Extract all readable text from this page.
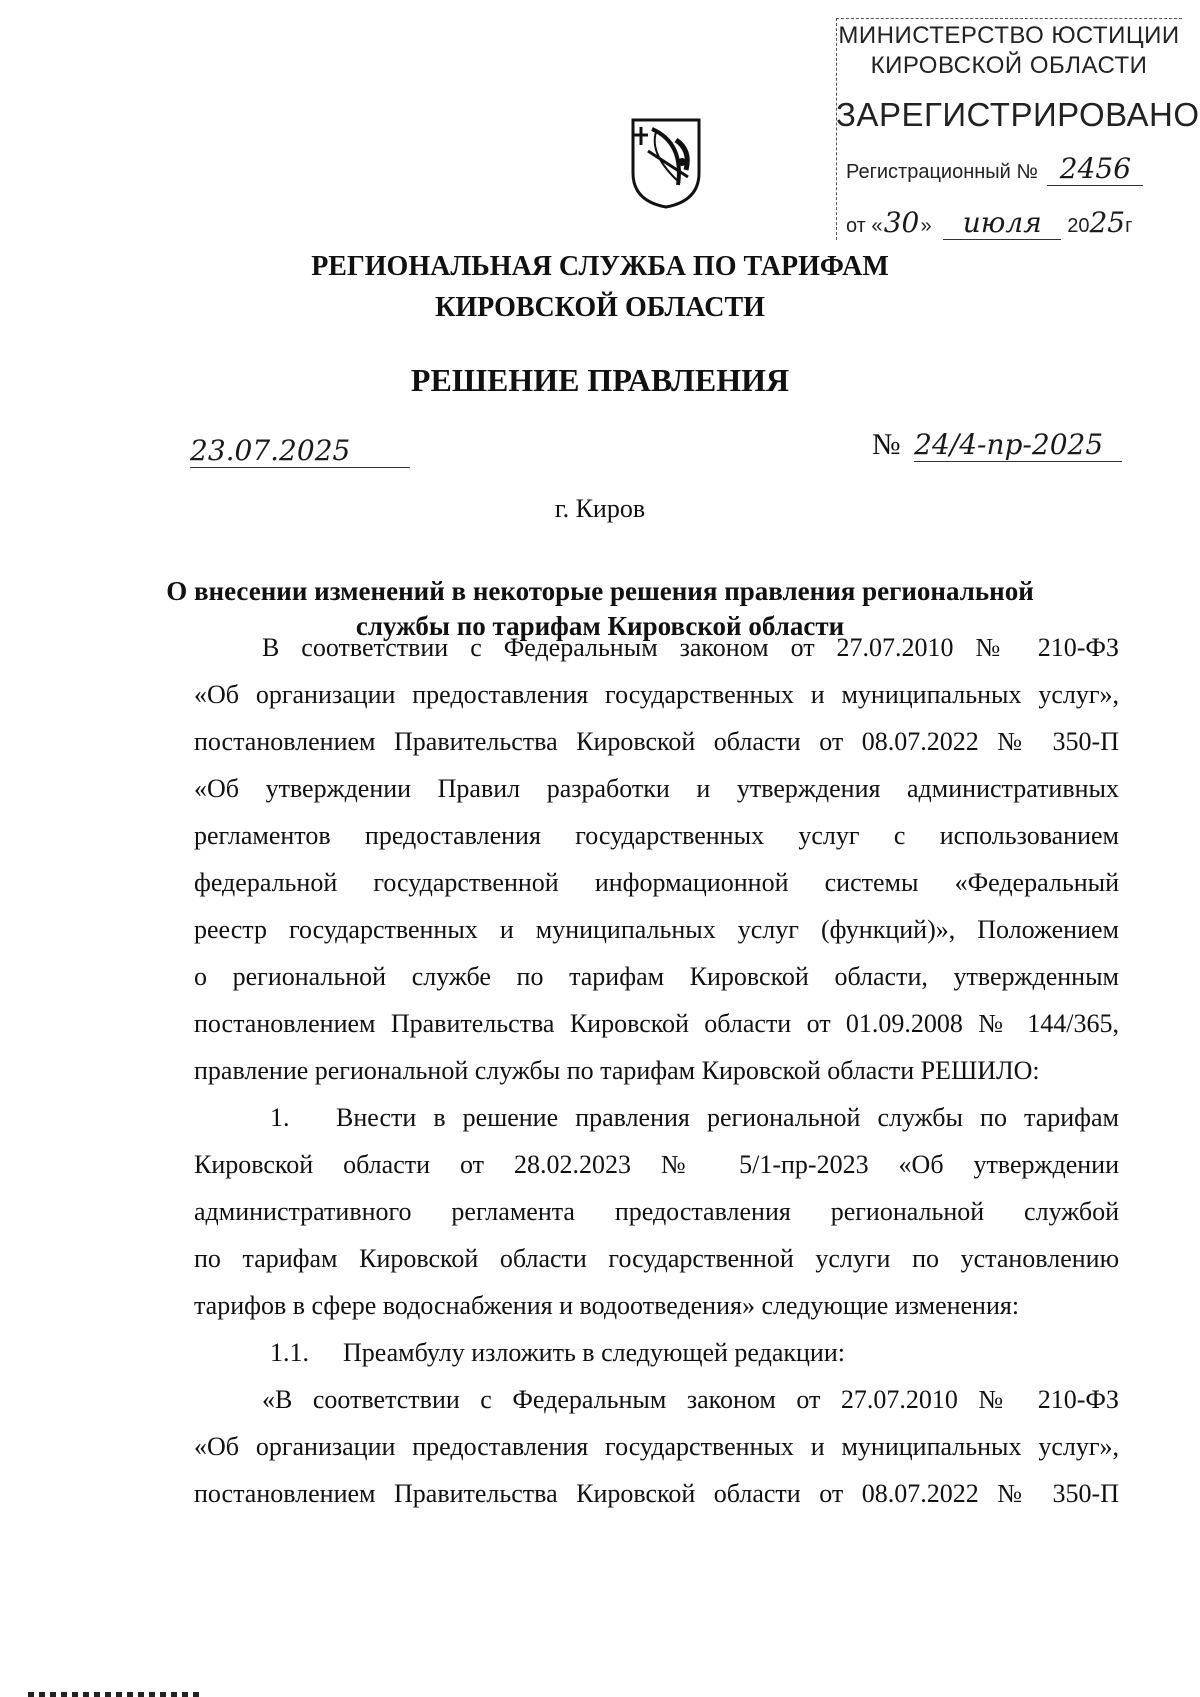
МИНИСТЕРСТВО ЮСТИЦИИ
КИРОВСКОЙ ОБЛАСТИ
ЗАРЕГИСТРИРОВАНО
Регистрационный № 2456
от «30» июля 2025г
РЕГИОНАЛЬНАЯ СЛУЖБА ПО ТАРИФАМ
КИРОВСКОЙ ОБЛАСТИ
РЕШЕНИЕ ПРАВЛЕНИЯ
23.07.2025	№ 24/4-пр-2025
г. Киров
О внесении изменений в некоторые решения правления региональной
службы по тарифам Кировской области
В соответствии с Федеральным законом от 27.07.2010 № 210-ФЗ
«Об организации предоставления государственных и муниципальных услуг»,
постановлением Правительства Кировской области от 08.07.2022 № 350-П
«Об утверждении Правил разработки и утверждения административных
регламентов предоставления государственных услуг с использованием
федеральной государственной информационной системы «Федеральный
реестр государственных и муниципальных услуг (функций)», Положением
о региональной службе по тарифам Кировской области, утвержденным
постановлением Правительства Кировской области от 01.09.2008 № 144/365,
правление региональной службы по тарифам Кировской области РЕШИЛО:
1. Внести в решение правления региональной службы по тарифам
Кировской области от 28.02.2023 № 5/1-пр-2023 «Об утверждении
административного регламента предоставления региональной службой
по тарифам Кировской области государственной услуги по установлению
тарифов в сфере водоснабжения и водоотведения» следующие изменения:
1.1. Преамбулу изложить в следующей редакции:
«В соответствии с Федеральным законом от 27.07.2010 № 210-ФЗ
«Об организации предоставления государственных и муниципальных услуг»,
постановлением Правительства Кировской области от 08.07.2022 № 350-П
